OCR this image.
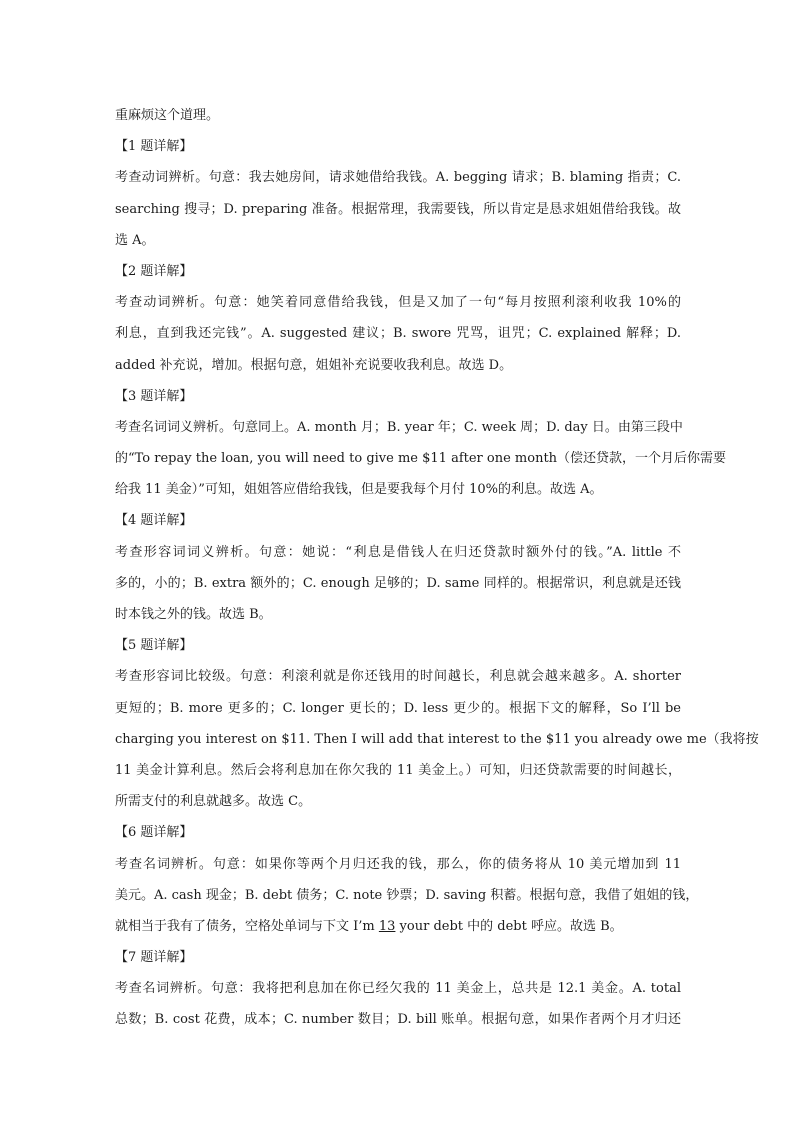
重麻烦这个道理。
【1 题详解】
考查动词辨析。句意：我去她房间，请求她借给我钱。A. begging 请求；B. blaming 指责；C.
searching 搜寻；D. preparing 准备。根据常理，我需要钱，所以肯定是恳求姐姐借给我钱。故
选 A。
【2 题详解】
考查动词辨析。句意：她笑着同意借给我钱，但是又加了一句“每月按照利滚利收我 10%的
利息，直到我还完钱”。A. suggested 建议；B. swore 咒骂，诅咒；C. explained 解释；D.
added 补充说，增加。根据句意，姐姐补充说要收我利息。故选 D。
【3 题详解】
考查名词词义辨析。句意同上。A. month 月；B. year 年；C. week 周；D. day 日。由第三段中
的“To repay the loan, you will need to give me $11 after one month（偿还贷款，一个月后你需要
给我 11 美金）”可知，姐姐答应借给我钱，但是要我每个月付 10%的利息。故选 A。
【4 题详解】
考查形容词词义辨析。句意：她说：“利息是借钱人在归还贷款时额外付的钱。”A. little 不
多的，小的；B. extra 额外的；C. enough 足够的；D. same 同样的。根据常识，利息就是还钱
时本钱之外的钱。故选 B。
【5 题详解】
考查形容词比较级。句意：利滚利就是你还钱用的时间越长，利息就会越来越多。A. shorter
更短的；B. more 更多的；C. longer 更长的；D. less 更少的。根据下文的解释，So I’ll be
charging you interest on $11. Then I will add that interest to the $11 you already owe me（我将按
11 美金计算利息。然后会将利息加在你欠我的 11 美金上。）可知，归还贷款需要的时间越长，
所需支付的利息就越多。故选 C。
【6 题详解】
考查名词辨析。句意：如果你等两个月归还我的钱，那么，你的债务将从 10 美元增加到 11
美元。A. cash 现金；B. debt 债务；C. note 钞票；D. saving 积蓄。根据句意，我借了姐姐的钱，
就相当于我有了债务，空格处单词与下文 I’m 13 your debt 中的 debt 呼应。故选 B。
【7 题详解】
考查名词辨析。句意：我将把利息加在你已经欠我的 11 美金上，总共是 12.1 美金。A. total
总数；B. cost 花费，成本；C. number 数目；D. bill 账单。根据句意，如果作者两个月才归还
